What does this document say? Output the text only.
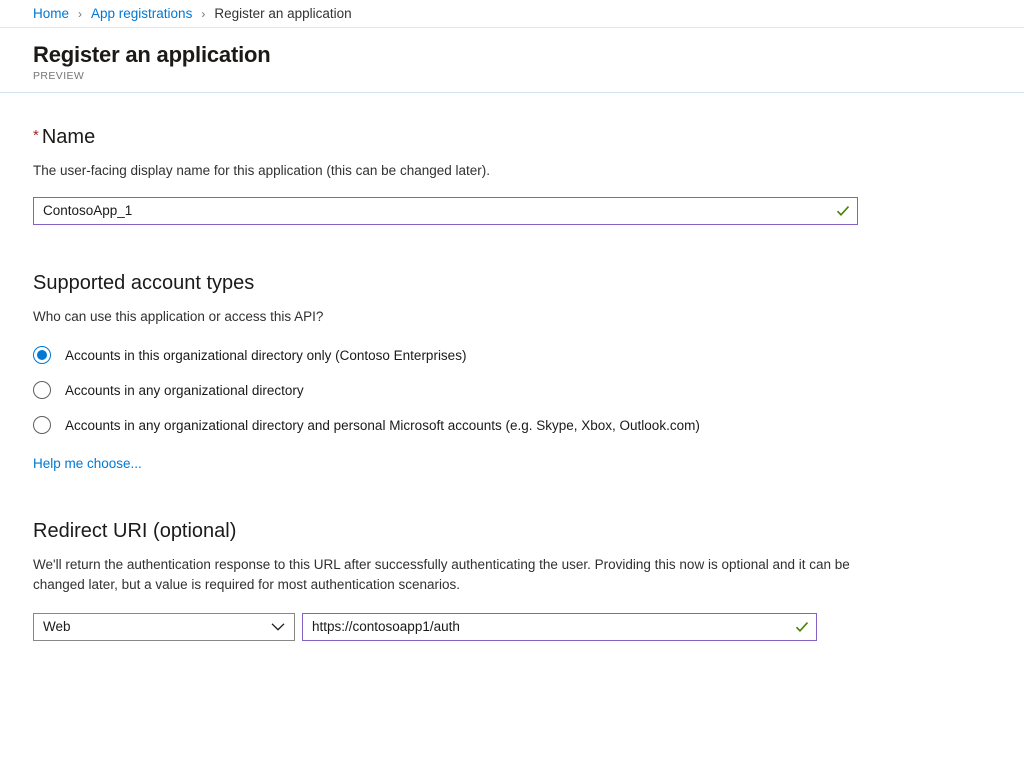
Home › App registrations › Register an application
Register an application
PREVIEW
* Name
The user-facing display name for this application (this can be changed later).
ContosoApp_1
Supported account types
Who can use this application or access this API?
Accounts in this organizational directory only (Contoso Enterprises)
Accounts in any organizational directory
Accounts in any organizational directory and personal Microsoft accounts (e.g. Skype, Xbox, Outlook.com)
Help me choose...
Redirect URI (optional)
We'll return the authentication response to this URL after successfully authenticating the user. Providing this now is optional and it can be changed later, but a value is required for most authentication scenarios.
Web
https://contosoapp1/auth
